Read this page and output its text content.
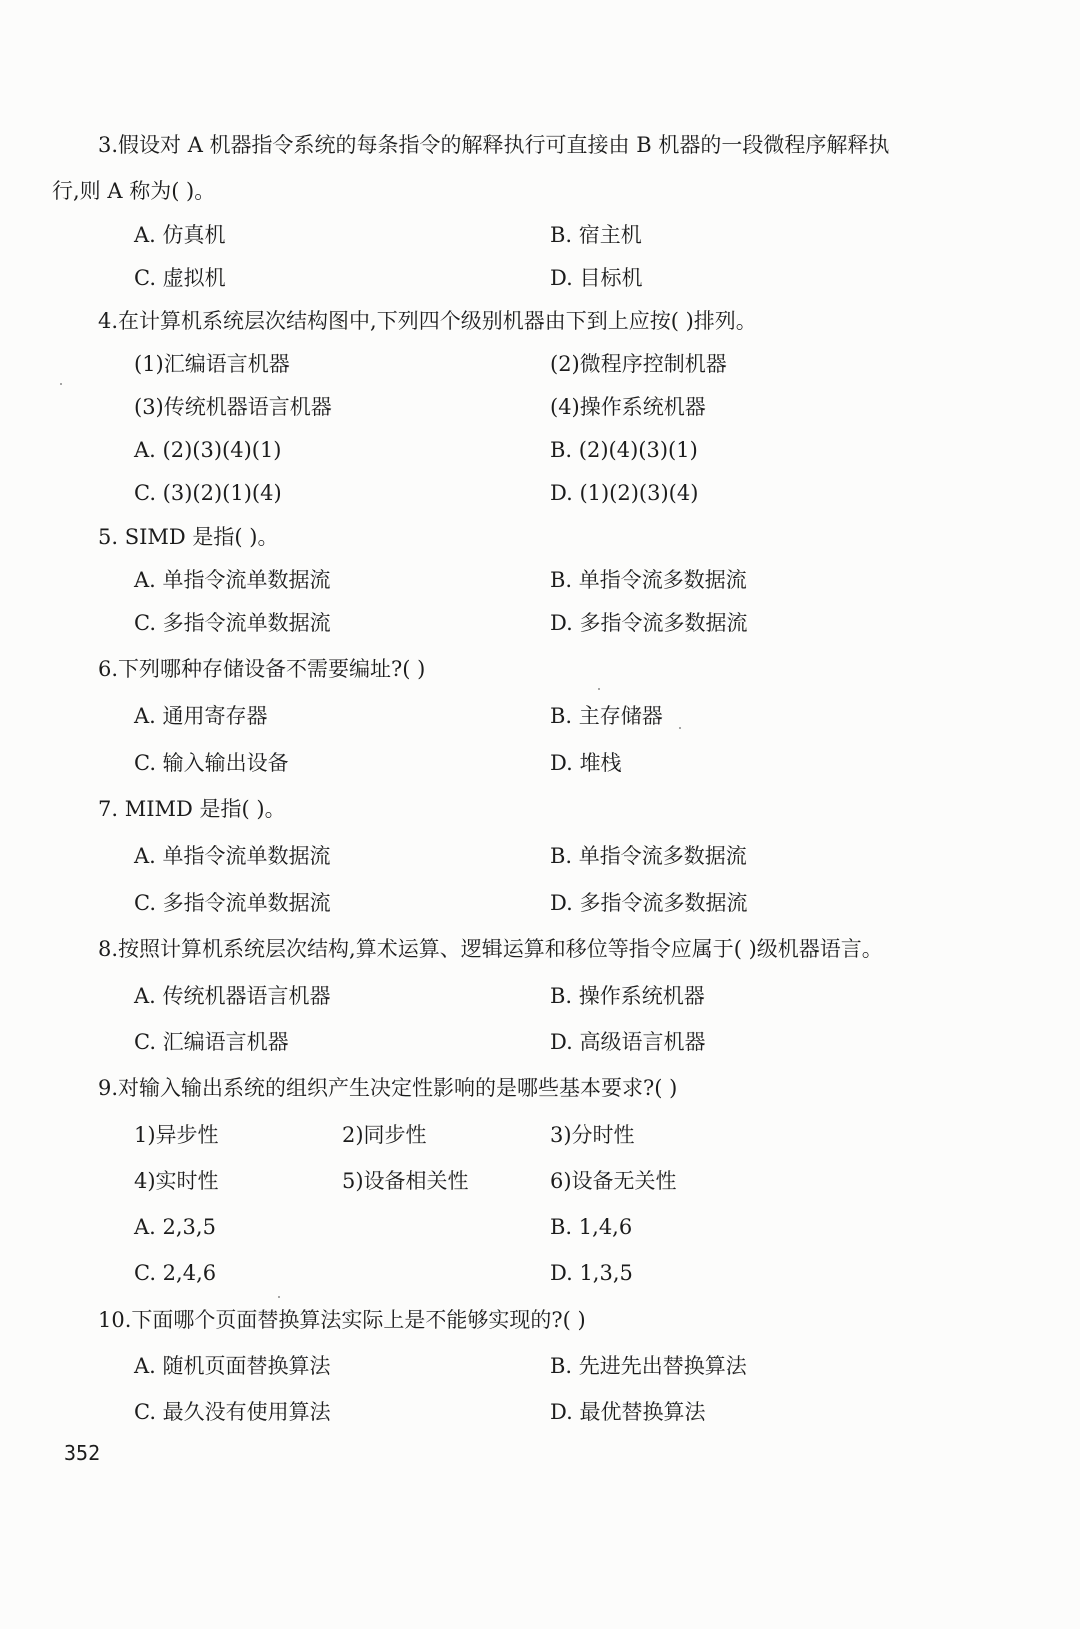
3.假设对 A 机器指令系统的每条指令的解释执行可直接由 B 机器的一段微程序解释执
行,则 A 称为( )。
A. 仿真机	B. 宿主机
C. 虚拟机	D. 目标机
4.在计算机系统层次结构图中,下列四个级别机器由下到上应按( )排列。
(1)汇编语言机器	(2)微程序控制机器
(3)传统机器语言机器	(4)操作系统机器
A. (2)(3)(4)(1)	B. (2)(4)(3)(1)
C. (3)(2)(1)(4)	D. (1)(2)(3)(4)
5. SIMD 是指( )。
A. 单指令流单数据流	B. 单指令流多数据流
C. 多指令流单数据流	D. 多指令流多数据流
6.下列哪种存储设备不需要编址?( )
A. 通用寄存器	B. 主存储器
C. 输入输出设备	D. 堆栈
7. MIMD 是指( )。
A. 单指令流单数据流	B. 单指令流多数据流
C. 多指令流单数据流	D. 多指令流多数据流
8.按照计算机系统层次结构,算术运算、逻辑运算和移位等指令应属于( )级机器语言。
A. 传统机器语言机器	B. 操作系统机器
C. 汇编语言机器	D. 高级语言机器
9.对输入输出系统的组织产生决定性影响的是哪些基本要求?( )
1)异步性	2)同步性	3)分时性
4)实时性	5)设备相关性	6)设备无关性
A. 2,3,5	B. 1,4,6
C. 2,4,6	D. 1,3,5
10.下面哪个页面替换算法实际上是不能够实现的?( )
A. 随机页面替换算法	B. 先进先出替换算法
C. 最久没有使用算法	D. 最优替换算法
352
